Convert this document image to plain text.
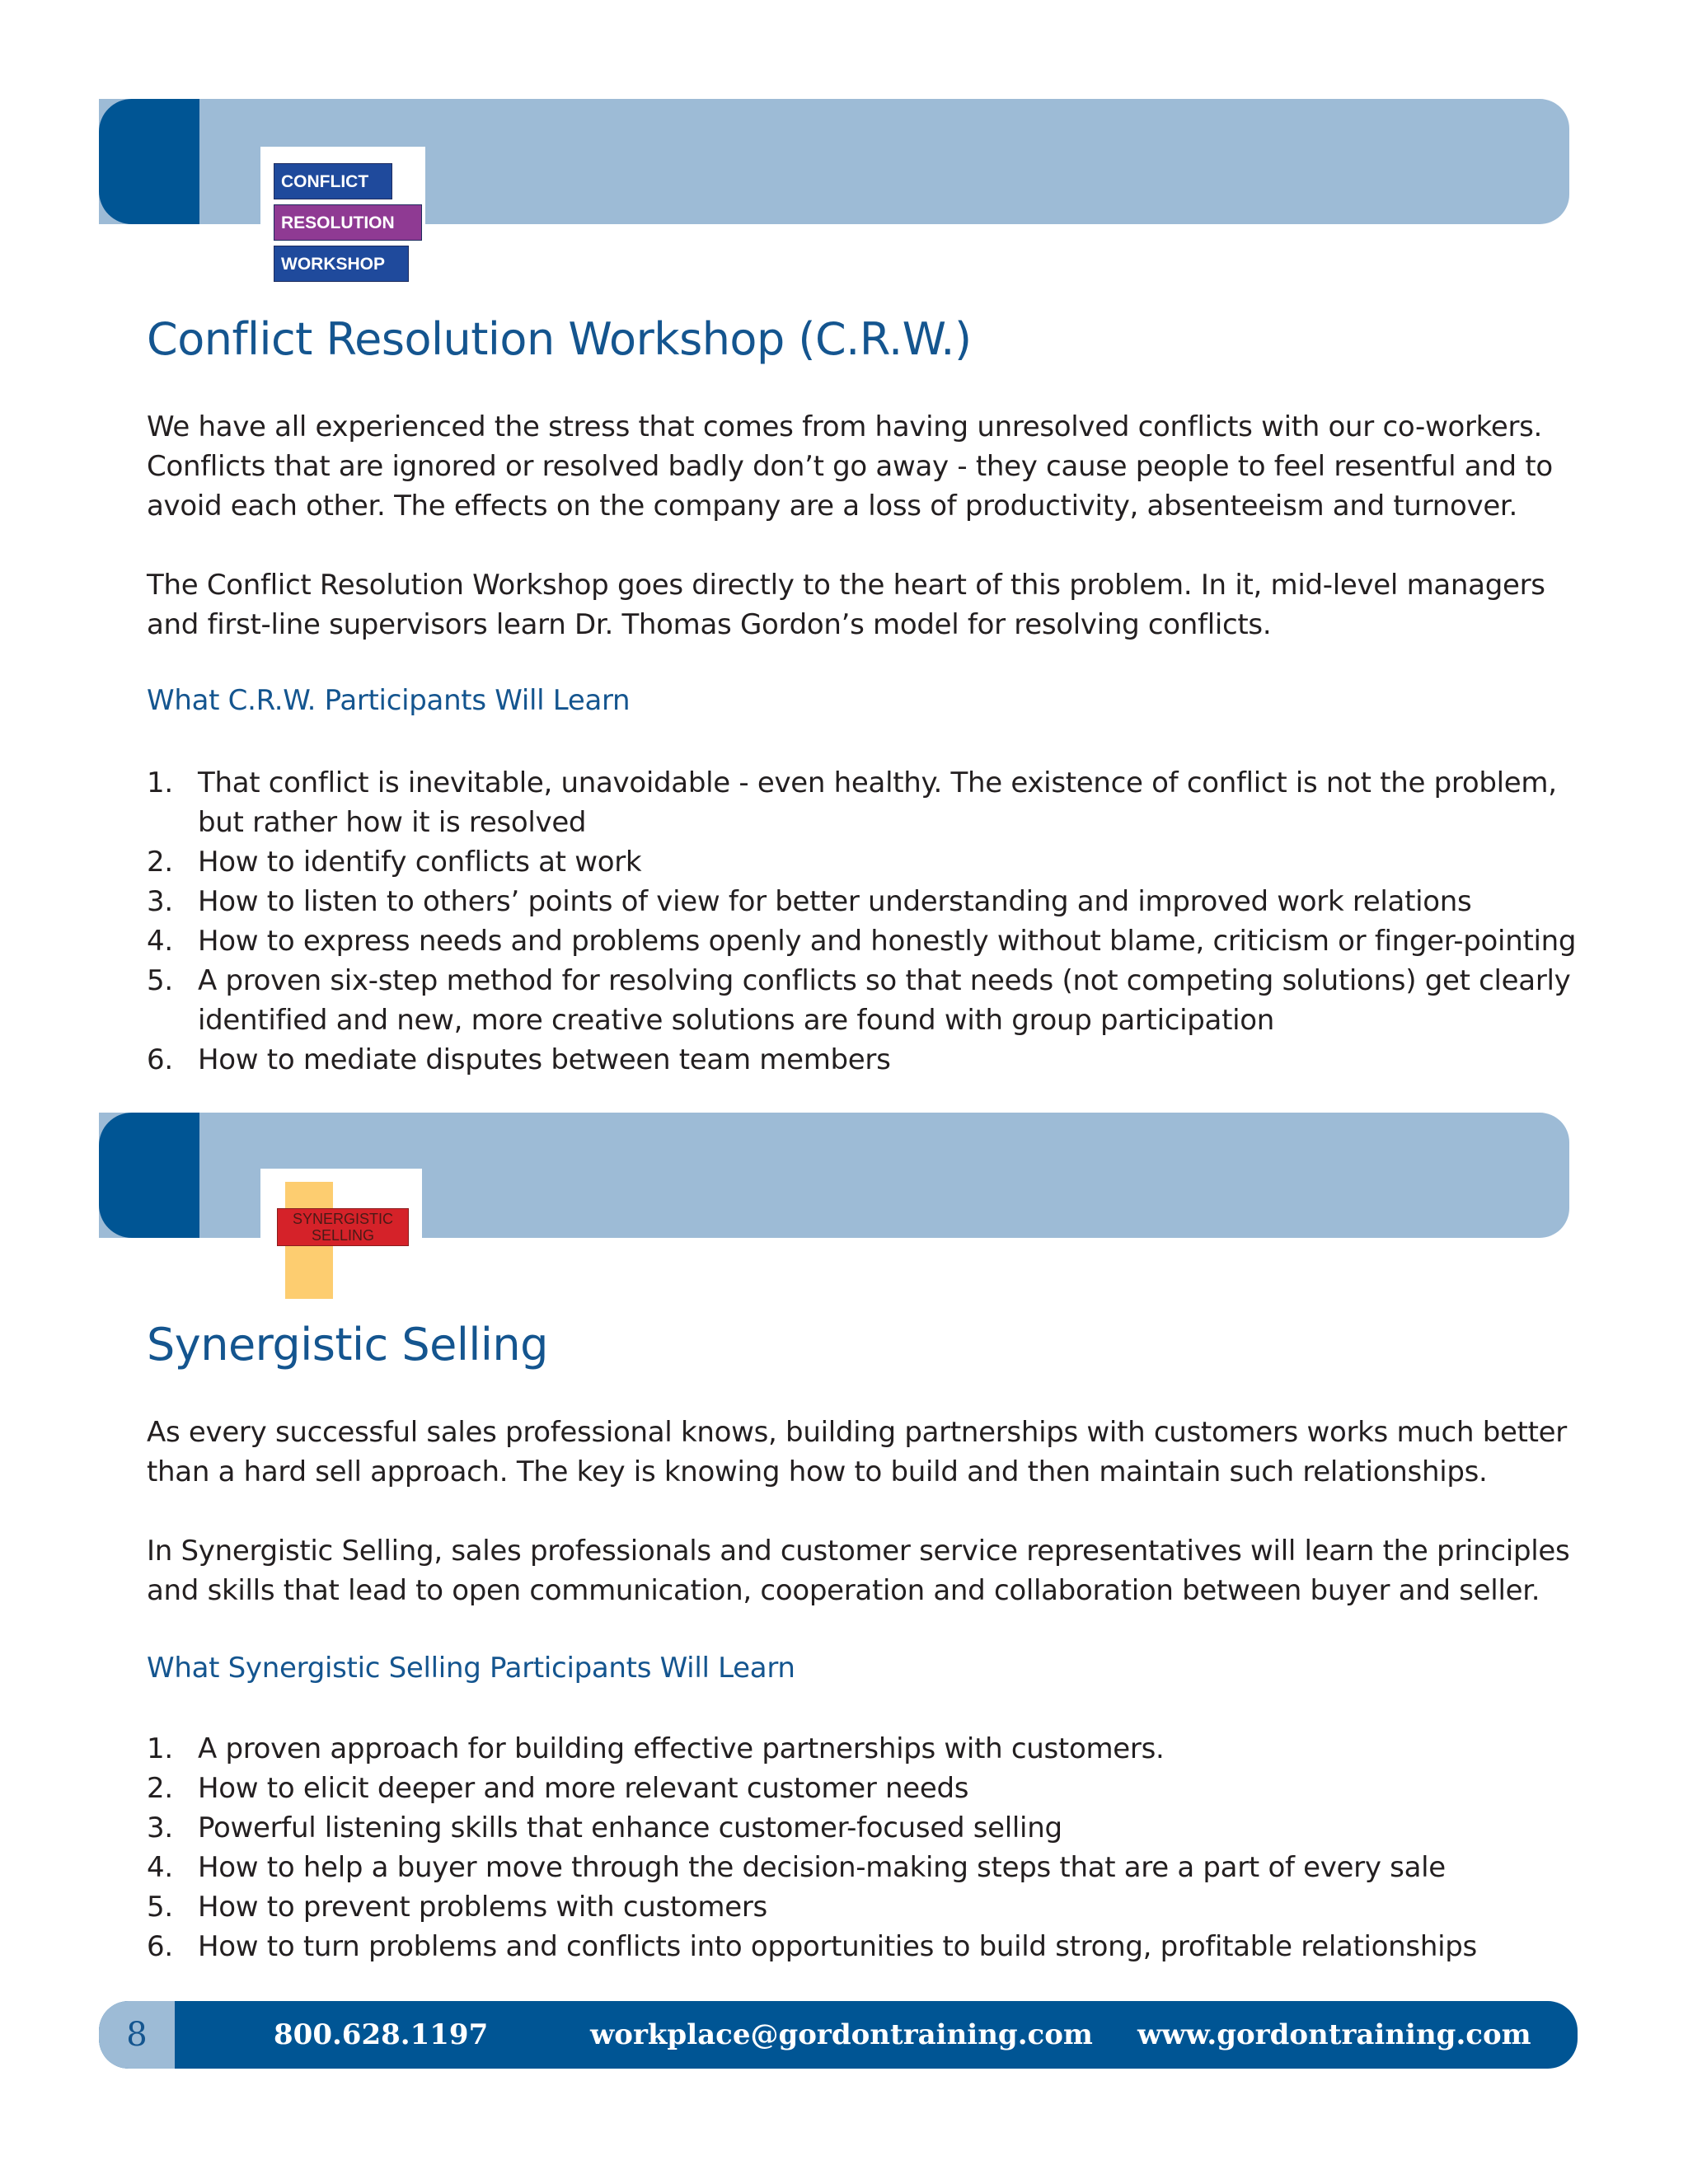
CONFLICT
RESOLUTION
WORKSHOP
Conflict Resolution Workshop (C.R.W.)

We have all experienced the stress that comes from having unresolved conflicts with our co-workers. Conflicts that are ignored or resolved badly don’t go away - they cause people to feel resentful and to avoid each other. The effects on the company are a loss of productivity, absenteeism and turnover.

The Conflict Resolution Workshop goes directly to the heart of this problem. In it, mid-level managers and first-line supervisors learn Dr. Thomas Gordon’s model for resolving conflicts.

What C.R.W. Participants Will Learn
1. That conflict is inevitable, unavoidable - even healthy. The existence of conflict is not the problem, but rather how it is resolved
2. How to identify conflicts at work
3. How to listen to others’ points of view for better understanding and improved work relations
4. How to express needs and problems openly and honestly without blame, criticism or finger-pointing
5. A proven six-step method for resolving conflicts so that needs (not competing solutions) get clearly identified and new, more creative solutions are found with group participation
6. How to mediate disputes between team members
SYNERGISTIC
SELLING
Synergistic Selling

As every successful sales professional knows, building partnerships with customers works much better than a hard sell approach. The key is knowing how to build and then maintain such relationships.

In Synergistic Selling, sales professionals and customer service representatives will learn the principles and skills that lead to open communication, cooperation and collaboration between buyer and seller.

What Synergistic Selling Participants Will Learn
1. A proven approach for building effective partnerships with customers.
2. How to elicit deeper and more relevant customer needs
3. Powerful listening skills that enhance customer-focused selling
4. How to help a buyer move through the decision-making steps that are a part of every sale
5. How to prevent problems with customers
6. How to turn problems and conflicts into opportunities to build strong, profitable relationships
8	800.628.1197	workplace@gordontraining.com www.gordontraining.com
